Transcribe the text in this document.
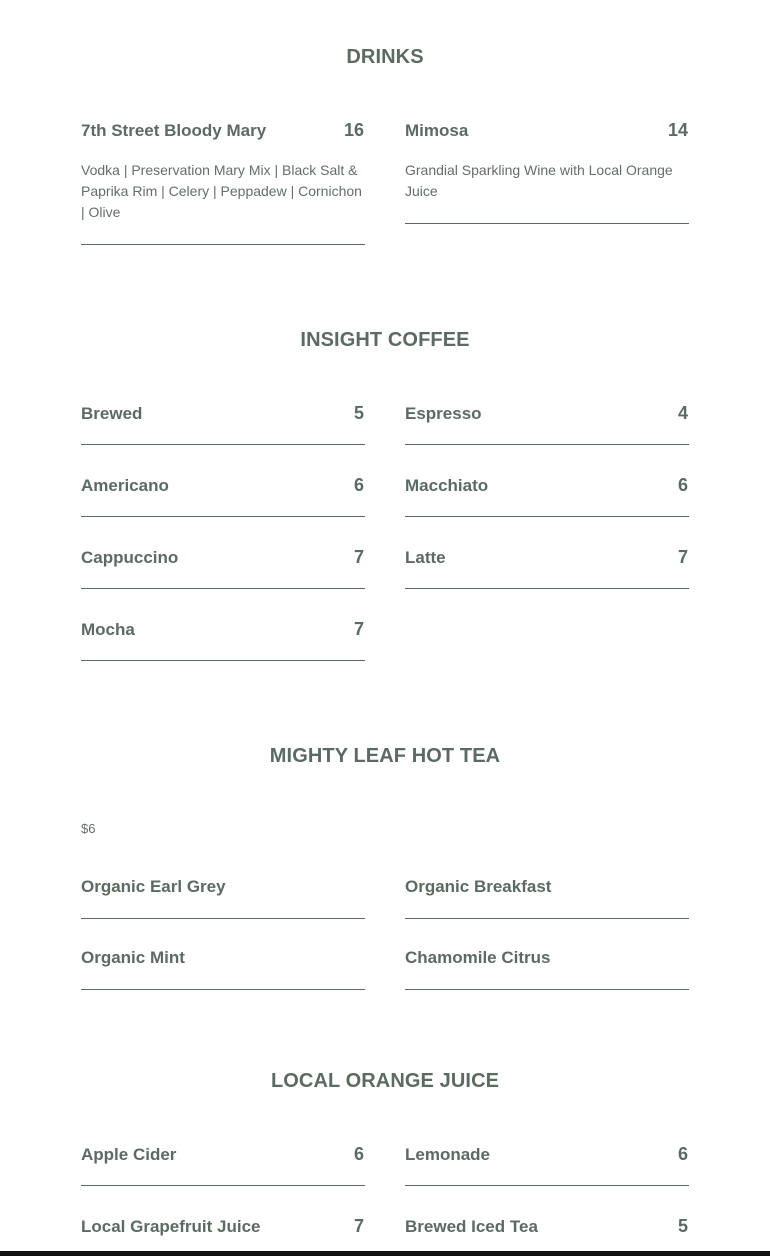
DRINKS
7th Street Bloody Mary	16
Vodka | Preservation Mary Mix | Black Salt & Paprika Rim | Celery | Peppadew | Cornichon | Olive
Mimosa	14
Grandial Sparkling Wine with Local Orange Juice
INSIGHT COFFEE
Brewed	5 Espresso	4
Americano	6 Macchiato	6
Cappuccino	7 Latte	7
Mocha	7
MIGHTY LEAF HOT TEA
$6
Organic Earl Grey	Organic Breakfast
Organic Mint	Chamomile Citrus
LOCAL ORANGE JUICE
Apple Cider	6 Lemonade	6
Local Grapefruit Juice	7 Brewed Iced Tea	5
